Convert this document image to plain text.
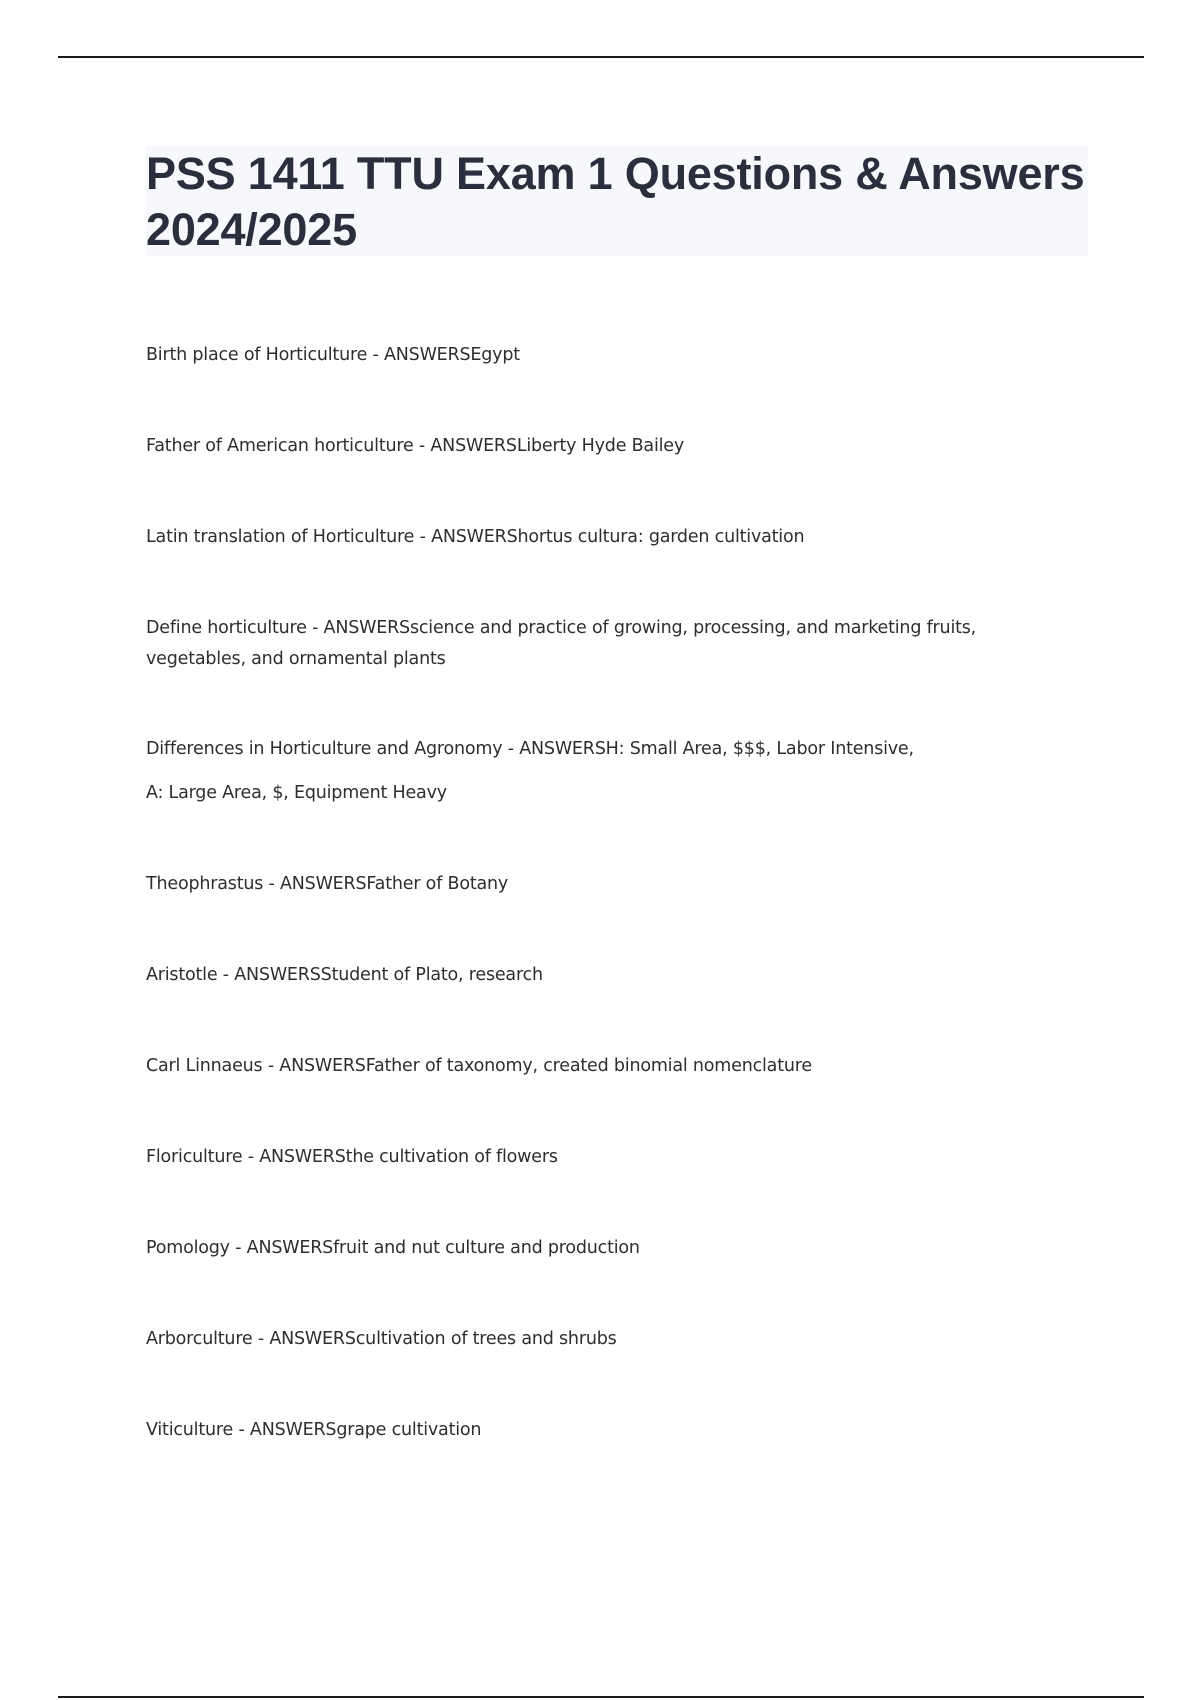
PSS 1411 TTU Exam 1 Questions & Answers 2024/2025
Birth place of Horticulture - ANSWERSEgypt
Father of American horticulture - ANSWERSLiberty Hyde Bailey
Latin translation of Horticulture - ANSWERShortus cultura: garden cultivation
Define horticulture - ANSWERSscience and practice of growing, processing, and marketing fruits, vegetables, and ornamental plants
Differences in Horticulture and Agronomy - ANSWERSH: Small Area, $$$, Labor Intensive,
A: Large Area, $, Equipment Heavy
Theophrastus - ANSWERSFather of Botany
Aristotle - ANSWERSStudent of Plato, research
Carl Linnaeus - ANSWERSFather of taxonomy, created binomial nomenclature
Floriculture - ANSWERSthe cultivation of flowers
Pomology - ANSWERSfruit and nut culture and production
Arborculture - ANSWERScultivation of trees and shrubs
Viticulture - ANSWERSgrape cultivation
